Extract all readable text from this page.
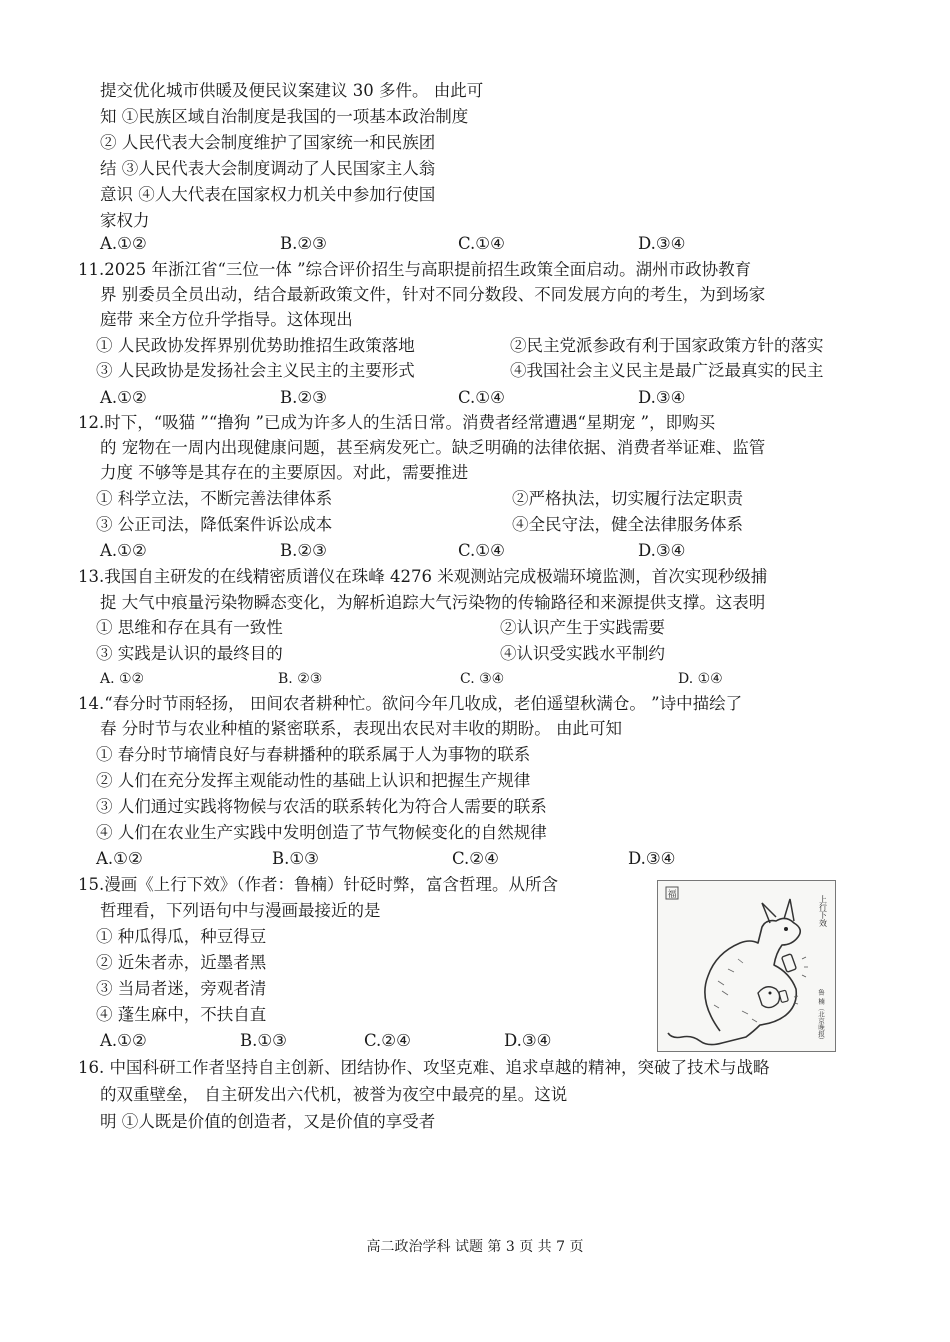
提交优化城市供暖及便民议案建议 30 多件。 由此可
知 ①民族区域自治制度是我国的一项基本政治制度
② 人民代表大会制度维护了国家统一和民族团
结 ③人民代表大会制度调动了人民国家主人翁
意识 ④人大代表在国家权力机关中参加行使国
家权力
A.①②	B.②③	C.①④	D.③④
11.2025 年浙江省“三位一体 ”综合评价招生与高职提前招生政策全面启动。湖州市政协教育
界 别委员全员出动，结合最新政策文件，针对不同分数段、不同发展方向的考生，为到场家
庭带 来全方位升学指导。这体现出
① 人民政协发挥界别优势助推招生政策落地	②民主党派参政有利于国家政策方针的落实
③ 人民政协是发扬社会主义民主的主要形式	④我国社会主义民主是最广泛最真实的民主
A.①②	B.②③	C.①④	D.③④
12.时下，“吸猫 ”“撸狗 ”已成为许多人的生活日常。消费者经常遭遇“星期宠 ”，即购买
的 宠物在一周内出现健康问题，甚至病发死亡。缺乏明确的法律依据、消费者举证难、监管
力度 不够等是其存在的主要原因。对此，需要推进
① 科学立法，不断完善法律体系	②严格执法，切实履行法定职责
③ 公正司法，降低案件诉讼成本	④全民守法，健全法律服务体系
A.①②	B.②③	C.①④	D.③④
13.我国自主研发的在线精密质谱仪在珠峰 4276 米观测站完成极端环境监测，首次实现秒级捕
捉 大气中痕量污染物瞬态变化，为解析追踪大气污染物的传输路径和来源提供支撑。这表明
① 思维和存在具有一致性	②认识产生于实践需要
③ 实践是认识的最终目的	④认识受实践水平制约
A. ①②	B. ②③	C. ③④	D. ①④
14.“春分时节雨轻扬， 田间农者耕种忙。欲问今年几收成，老伯遥望秋满仓。 ”诗中描绘了
春 分时节与农业种植的紧密联系，表现出农民对丰收的期盼。 由此可知
① 春分时节墒情良好与春耕播种的联系属于人为事物的联系
② 人们在充分发挥主观能动性的基础上认识和把握生产规律
③ 人们通过实践将物候与农活的联系转化为符合人需要的联系
④ 人们在农业生产实践中发明创造了节气物候变化的自然规律
A.①②	B.①③	C.②④	D.③④
15.漫画《上行下效》（作者：鲁楠）针砭时弊，富含哲理。从所含
哲理看，下列语句中与漫画最接近的是
① 种瓜得瓜，种豆得豆
② 近朱者赤，近墨者黑
③ 当局者迷，旁观者清
④ 蓬生麻中，不扶自直
A.①②	B.①③	C.②④	D.③④
福	上行下效
鲁 楠（北京晚报）
16. 中国科研工作者坚持自主创新、团结协作、攻坚克难、追求卓越的精神，突破了技术与战略
的双重壁垒， 自主研发出六代机，被誉为夜空中最亮的星。这说
明 ①人既是价值的创造者，又是价值的享受者
高二政治学科 试题 第 3 页 共 7 页
